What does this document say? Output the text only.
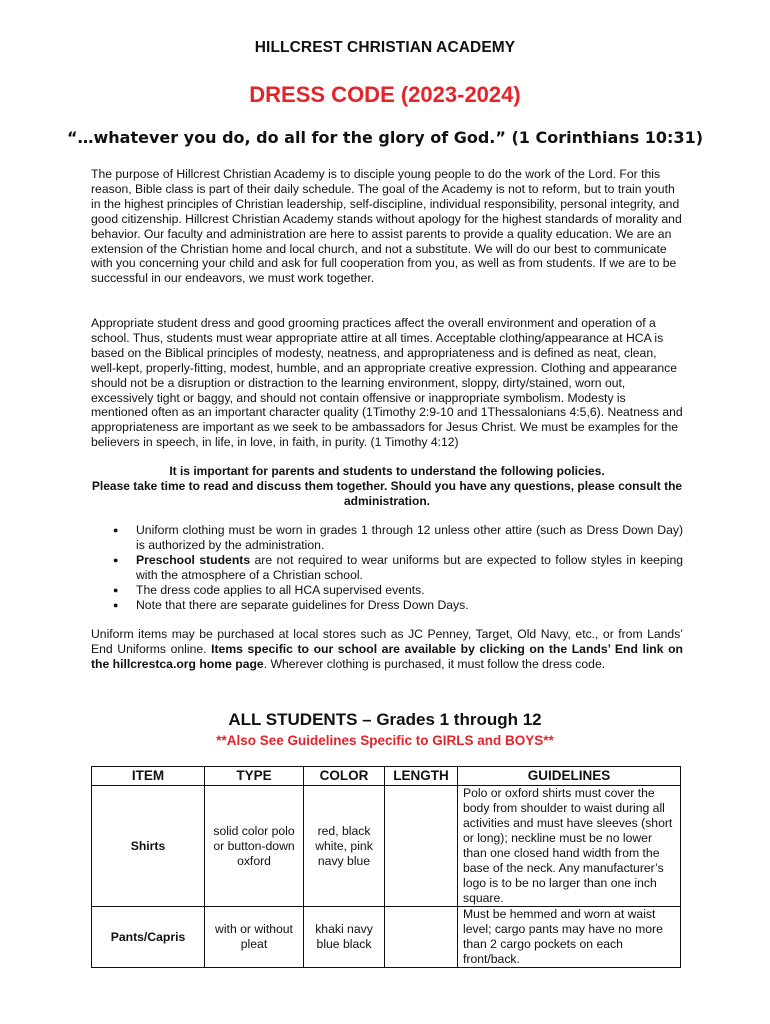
HILLCREST CHRISTIAN ACADEMY
DRESS CODE (2023-2024)
“…whatever you do, do all for the glory of God.” (1 Corinthians 10:31)

The purpose of Hillcrest Christian Academy is to disciple young people to do the work of the Lord. For this reason, Bible class is part of their daily schedule. The goal of the Academy is not to reform, but to train youth in the highest principles of Christian leadership, self-discipline, individual responsibility, personal integrity, and good citizenship. Hillcrest Christian Academy stands without apology for the highest standards of morality and behavior. Our faculty and administration are here to assist parents to provide a quality education. We are an extension of the Christian home and local church, and not a substitute. We will do our best to communicate with you concerning your child and ask for full cooperation from you, as well as from students. If we are to be successful in our endeavors, we must work together.

Appropriate student dress and good grooming practices affect the overall environment and operation of a school. Thus, students must wear appropriate attire at all times. Acceptable clothing/appearance at HCA is based on the Biblical principles of modesty, neatness, and appropriateness and is defined as neat, clean, well-kept, properly-fitting, modest, humble, and an appropriate creative expression. Clothing and appearance should not be a disruption or distraction to the learning environment, sloppy, dirty/stained, worn out, excessively tight or baggy, and should not contain offensive or inappropriate symbolism. Modesty is mentioned often as an important character quality (1Timothy 2:9-10 and 1Thessalonians 4:5,6). Neatness and appropriateness are important as we seek to be ambassadors for Jesus Christ. We must be examples for the believers in speech, in life, in love, in faith, in purity. (1 Timothy 4:12)

It is important for parents and students to understand the following policies.
Please take time to read and discuss them together. Should you have any questions, please consult the administration.
● Uniform clothing must be worn in grades 1 through 12 unless other attire (such as Dress Down Day) is authorized by the administration.
● Preschool students are not required to wear uniforms but are expected to follow styles in keeping with the atmosphere of a Christian school.
● The dress code applies to all HCA supervised events.
● Note that there are separate guidelines for Dress Down Days.

Uniform items may be purchased at local stores such as JC Penney, Target, Old Navy, etc., or from Lands’ End Uniforms online. Items specific to our school are available by clicking on the Lands’ End link on the hillcrestca.org home page. Wherever clothing is purchased, it must follow the dress code.

ALL STUDENTS – Grades 1 through 12
**Also See Guidelines Specific to GIRLS and BOYS**
ITEM	TYPE	COLOR	LENGTH	GUIDELINES
Shirts	solid color polo or button-down oxford	red, black white, pink navy blue		Polo or oxford shirts must cover the body from shoulder to waist during all activities and must have sleeves (short or long); neckline must be no lower than one closed hand width from the base of the neck. Any manufacturer’s logo is to be no larger than one inch square.
Pants/Capris	with or without pleat	khaki navy blue black		Must be hemmed and worn at waist level; cargo pants may have no more than 2 cargo pockets on each front/back.
